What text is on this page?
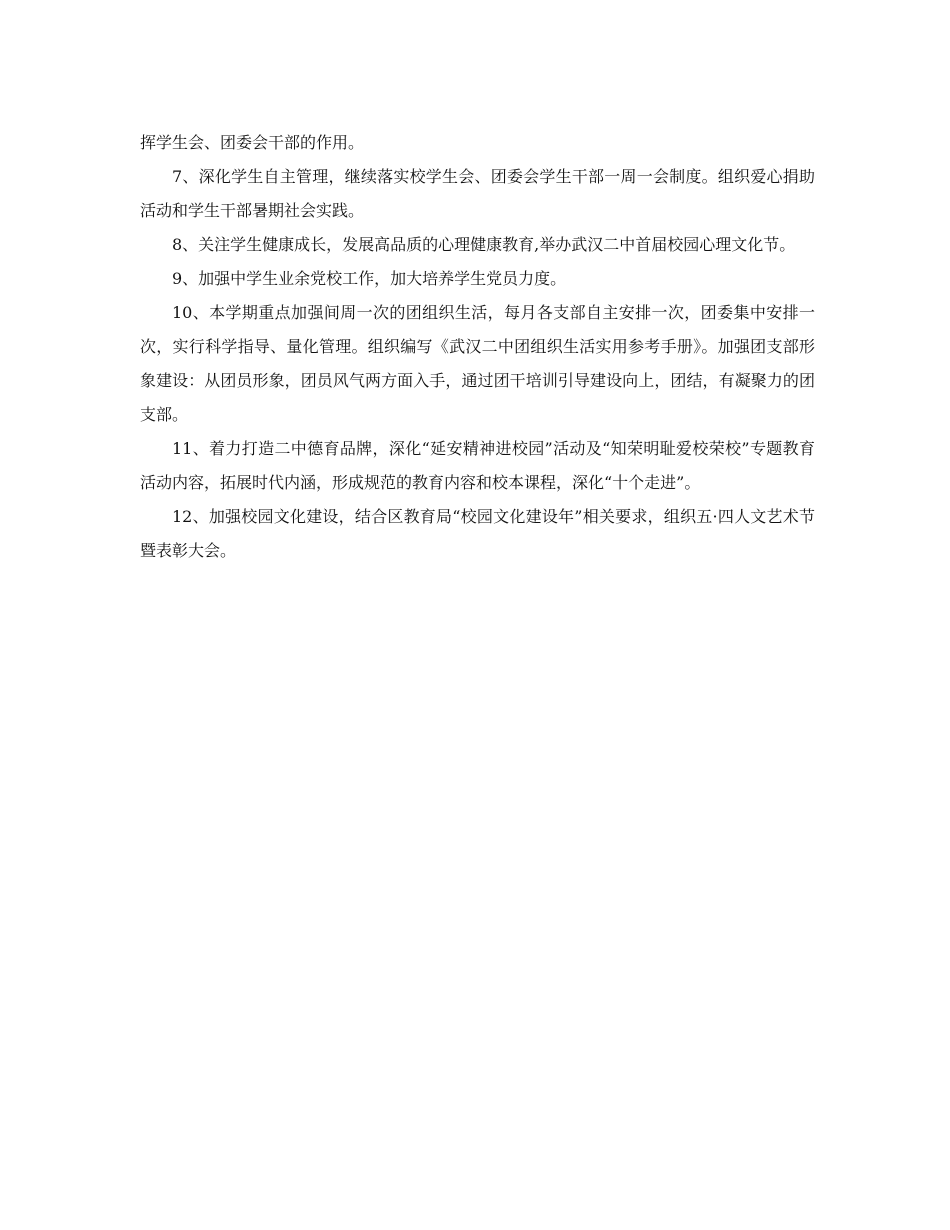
挥学生会、团委会干部的作用。

7、深化学生自主管理，继续落实校学生会、团委会学生干部一周一会制度。组织爱心捐助活动和学生干部暑期社会实践。

8、关注学生健康成长，发展高品质的心理健康教育,举办武汉二中首届校园心理文化节。

9、加强中学生业余党校工作，加大培养学生党员力度。

10、本学期重点加强间周一次的团组织生活，每月各支部自主安排一次，团委集中安排一次，实行科学指导、量化管理。组织编写《武汉二中团组织生活实用参考手册》。加强团支部形象建设：从团员形象，团员风气两方面入手，通过团干培训引导建设向上，团结，有凝聚力的团支部。

11、着力打造二中德育品牌，深化“延安精神进校园”活动及“知荣明耻爱校荣校”专题教育活动内容，拓展时代内涵，形成规范的教育内容和校本课程，深化“十个走进”。

12、加强校园文化建设，结合区教育局“校园文化建设年”相关要求，组织五·四人文艺术节暨表彰大会。
